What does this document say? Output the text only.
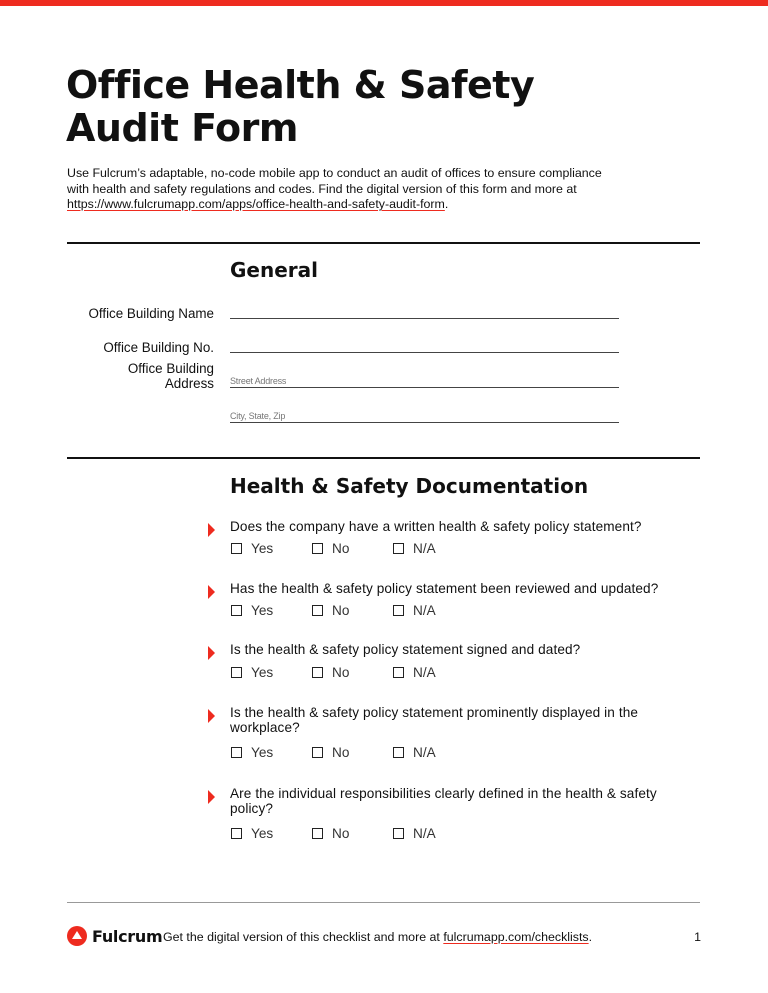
Office Health & Safety Audit Form

Use Fulcrum’s adaptable, no-code mobile app to conduct an audit of offices to ensure compliance with health and safety regulations and codes. Find the digital version of this form and more at https://www.fulcrumapp.com/apps/office-health-and-safety-audit-form.

General
Office Building Name
Office Building No.
Office Building
Address Street Address
City, State, Zip
Health & Safety Documentation
Does the company have a written health & safety policy statement?
Yes	No	N/A
Has the health & safety policy statement been reviewed and updated?
Yes	No	N/A
Is the health & safety policy statement signed and dated?
Yes	No	N/A
Is the health & safety policy statement prominently displayed in the workplace?
Yes	No	N/A
Are the individual responsibilities clearly defined in the health & safety policy?
Yes	No	N/A
Fulcrum Get the digital version of this checklist and more at fulcrumapp.com/checklists.	1
